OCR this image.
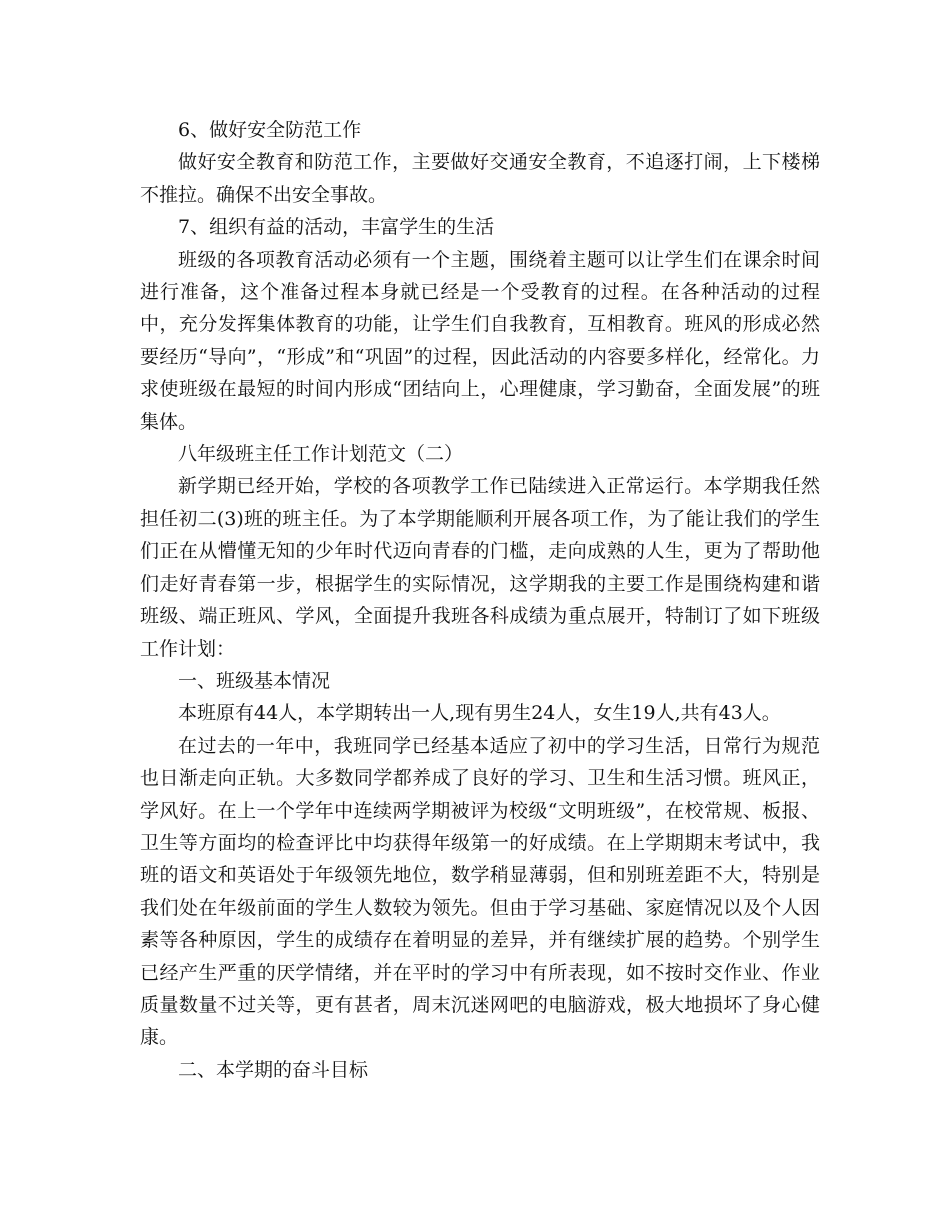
6、做好安全防范工作

做好安全教育和防范工作，主要做好交通安全教育，不追逐打闹，上下楼梯不推拉。确保不出安全事故。

7、组织有益的活动，丰富学生的生活

班级的各项教育活动必须有一个主题，围绕着主题可以让学生们在课余时间进行准备，这个准备过程本身就已经是一个受教育的过程。在各种活动的过程中，充分发挥集体教育的功能，让学生们自我教育，互相教育。班风的形成必然要经历“导向”，“形成”和“巩固”的过程，因此活动的内容要多样化，经常化。力求使班级在最短的时间内形成“团结向上，心理健康，学习勤奋，全面发展”的班集体。

八年级班主任工作计划范文（二）

新学期已经开始，学校的各项教学工作已陆续进入正常运行。本学期我任然担任初二(3)班的班主任。为了本学期能顺利开展各项工作，为了能让我们的学生们正在从懵懂无知的少年时代迈向青春的门槛，走向成熟的人生，更为了帮助他们走好青春第一步，根据学生的实际情况，这学期我的主要工作是围绕构建和谐班级、端正班风、学风，全面提升我班各科成绩为重点展开，特制订了如下班级工作计划：

一、班级基本情况

本班原有44人，本学期转出一人,现有男生24人，女生19人,共有43人。

在过去的一年中，我班同学已经基本适应了初中的学习生活，日常行为规范也日渐走向正轨。大多数同学都养成了良好的学习、卫生和生活习惯。班风正，学风好。在上一个学年中连续两学期被评为校级“文明班级”，在校常规、板报、卫生等方面均的检查评比中均获得年级第一的好成绩。在上学期期末考试中，我班的语文和英语处于年级领先地位，数学稍显薄弱，但和别班差距不大，特别是我们处在年级前面的学生人数较为领先。但由于学习基础、家庭情况以及个人因素等各种原因，学生的成绩存在着明显的差异，并有继续扩展的趋势。个别学生已经产生严重的厌学情绪，并在平时的学习中有所表现，如不按时交作业、作业质量数量不过关等，更有甚者，周末沉迷网吧的电脑游戏，极大地损坏了身心健康。

二、本学期的奋斗目标
